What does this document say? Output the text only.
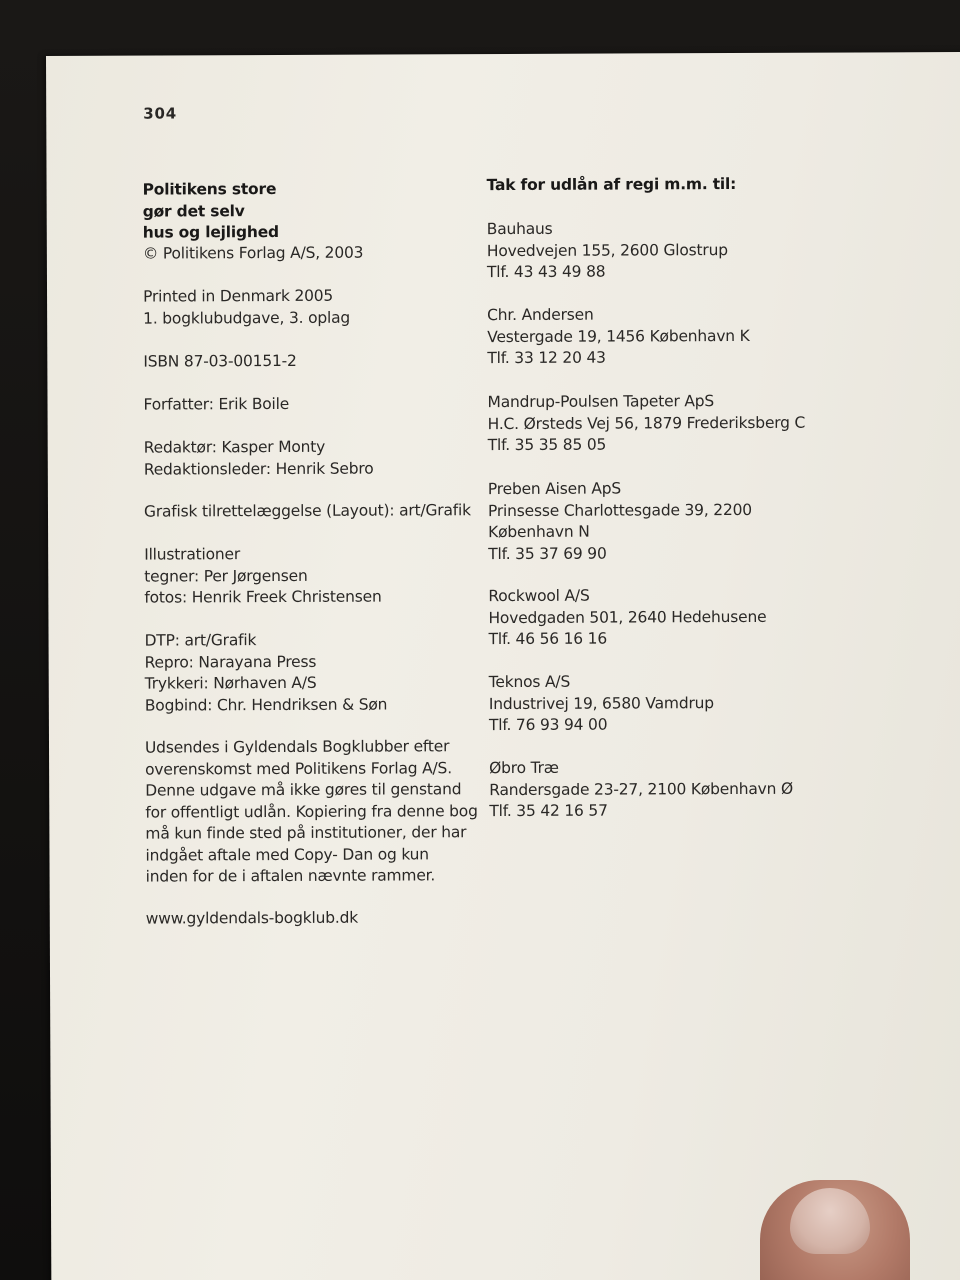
304

Politikens store
gør det selv
hus og lejlighed
© Politikens Forlag A/S, 2003
Printed in Denmark 2005
1. bogklubudgave, 3. oplag
ISBN 87-03-00151-2
Forfatter: Erik Boile
Redaktør: Kasper Monty
Redaktionsleder: Henrik Sebro
Grafisk tilrettelæggelse (Layout): art/Grafik
Illustrationer
tegner: Per Jørgensen
fotos: Henrik Freek Christensen
DTP: art/Grafik
Repro: Narayana Press
Trykkeri: Nørhaven A/S
Bogbind: Chr. Hendriksen & Søn
Udsendes i Gyldendals Bogklubber efter
overenskomst med Politikens Forlag A/S.
Denne udgave må ikke gøres til genstand
for offentligt udlån. Kopiering fra denne bog
må kun finde sted på institutioner, der har
indgået aftale med Copy- Dan og kun
inden for de i aftalen nævnte rammer.
www.gyldendals-bogklub.dk
Tak for udlån af regi m.m. til:
Bauhaus
Hovedvejen 155, 2600 Glostrup
Tlf. 43 43 49 88
Chr. Andersen
Vestergade 19, 1456 København K
Tlf. 33 12 20 43
Mandrup-Poulsen Tapeter ApS
H.C. Ørsteds Vej 56, 1879 Frederiksberg C
Tlf. 35 35 85 05
Preben Aisen ApS
Prinsesse Charlottesgade 39, 2200
København N
Tlf. 35 37 69 90
Rockwool A/S
Hovedgaden 501, 2640 Hedehusene
Tlf. 46 56 16 16
Teknos A/S
Industrivej 19, 6580 Vamdrup
Tlf. 76 93 94 00
Øbro Træ
Randersgade 23-27, 2100 København Ø
Tlf. 35 42 16 57
